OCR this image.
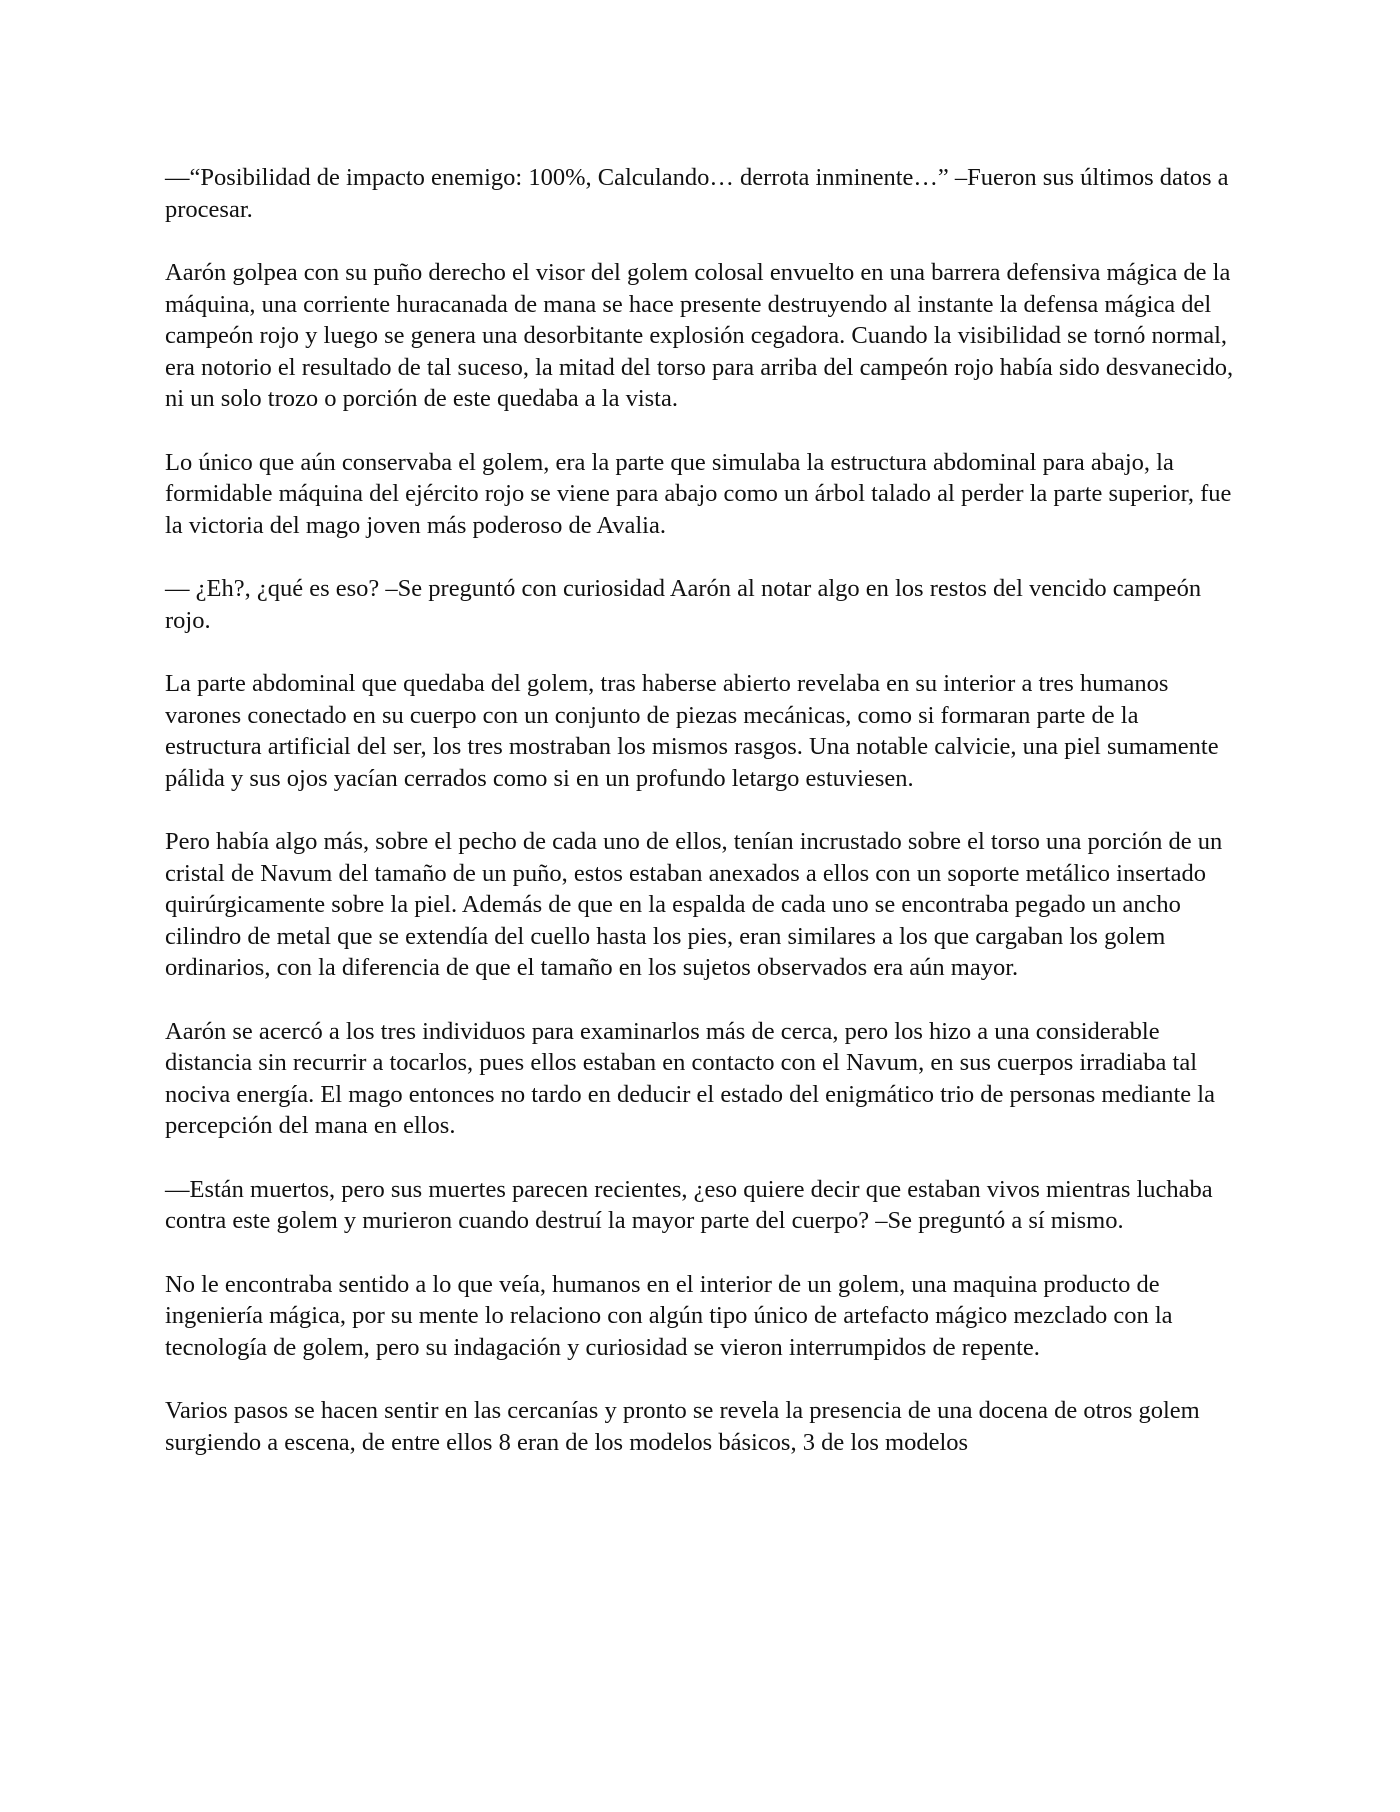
—“Posibilidad de impacto enemigo: 100%, Calculando… derrota inminente…” –Fueron sus últimos datos a procesar.

Aarón golpea con su puño derecho el visor del golem colosal envuelto en una barrera defensiva mágica de la máquina, una corriente huracanada de mana se hace presente destruyendo al instante la defensa mágica del campeón rojo y luego se genera una desorbitante explosión cegadora. Cuando la visibilidad se tornó normal, era notorio el resultado de tal suceso, la mitad del torso para arriba del campeón rojo había sido desvanecido, ni un solo trozo o porción de este quedaba a la vista.

Lo único que aún conservaba el golem, era la parte que simulaba la estructura abdominal para abajo, la formidable máquina del ejército rojo se viene para abajo como un árbol talado al perder la parte superior, fue la victoria del mago joven más poderoso de Avalia.

— ¿Eh?, ¿qué es eso? –Se preguntó con curiosidad Aarón al notar algo en los restos del vencido campeón rojo.

La parte abdominal que quedaba del golem, tras haberse abierto revelaba en su interior a tres humanos varones conectado en su cuerpo con un conjunto de piezas mecánicas, como si formaran parte de la estructura artificial del ser, los tres mostraban los mismos rasgos. Una notable calvicie, una piel sumamente pálida y sus ojos yacían cerrados como si en un profundo letargo estuviesen.

Pero había algo más, sobre el pecho de cada uno de ellos, tenían incrustado sobre el torso una porción de un cristal de Navum del tamaño de un puño, estos estaban anexados a ellos con un soporte metálico insertado quirúrgicamente sobre la piel. Además de que en la espalda de cada uno se encontraba pegado un ancho cilindro de metal que se extendía del cuello hasta los pies, eran similares a los que cargaban los golem ordinarios, con la diferencia de que el tamaño en los sujetos observados era aún mayor.

Aarón se acercó a los tres individuos para examinarlos más de cerca, pero los hizo a una considerable distancia sin recurrir a tocarlos, pues ellos estaban en contacto con el Navum, en sus cuerpos irradiaba tal nociva energía. El mago entonces no tardo en deducir el estado del enigmático trio de personas mediante la percepción del mana en ellos.

—Están muertos, pero sus muertes parecen recientes, ¿eso quiere decir que estaban vivos mientras luchaba contra este golem y murieron cuando destruí la mayor parte del cuerpo? –Se preguntó a sí mismo.

No le encontraba sentido a lo que veía, humanos en el interior de un golem, una maquina producto de ingeniería mágica, por su mente lo relaciono con algún tipo único de artefacto mágico mezclado con la tecnología de golem, pero su indagación y curiosidad se vieron interrumpidos de repente.

Varios pasos se hacen sentir en las cercanías y pronto se revela la presencia de una docena de otros golem surgiendo a escena, de entre ellos 8 eran de los modelos básicos, 3 de los modelos
